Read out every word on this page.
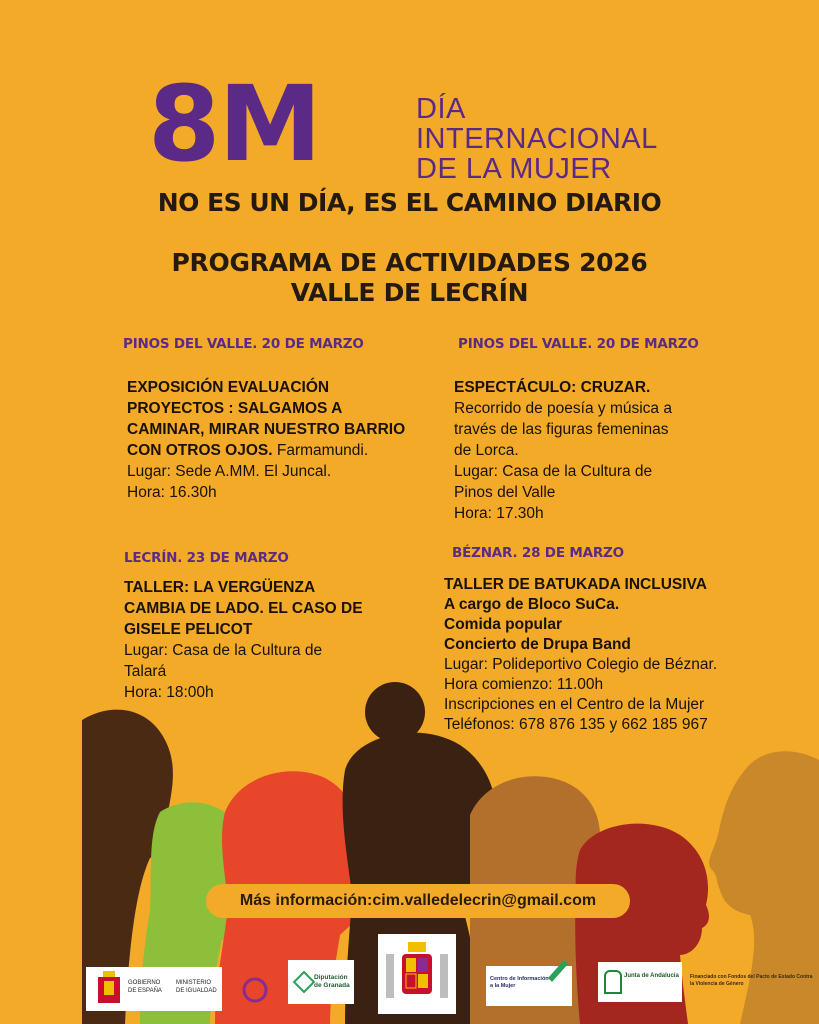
8M	DÍA
INTERNACIONAL
DE LA MUJER
NO ES UN DÍA, ES EL CAMINO DIARIO
PROGRAMA DE ACTIVIDADES 2026
VALLE DE LECRÍN
PINOS DEL VALLE. 20 DE MARZO
EXPOSICIÓN EVALUACIÓN
PROYECTOS : SALGAMOS A
CAMINAR, MIRAR NUESTRO BARRIO
CON OTROS OJOS. Farmamundi.
Lugar: Sede A.MM. El Juncal.
Hora: 16.30h
PINOS DEL VALLE. 20 DE MARZO
ESPECTÁCULO: CRUZAR.
Recorrido de poesía y música a
través de las figuras femeninas
de Lorca.
Lugar: Casa de la Cultura de
Pinos del Valle
Hora: 17.30h
LECRÍN. 23 DE MARZO
TALLER: LA VERGÜENZA
CAMBIA DE LADO. EL CASO DE
GISELE PELICOT
Lugar: Casa de la Cultura de
Talará
Hora: 18:00h
BÉZNAR. 28 DE MARZO
TALLER DE BATUKADA INCLUSIVA
A cargo de Bloco SuCa.
Comida popular
Concierto de Drupa Band
Lugar: Polideportivo Colegio de Béznar.
Hora comienzo: 11.00h
Inscripciones en el Centro de la Mujer
Teléfonos: 678 876 135 y 662 185 967
Más información:cim.valledelecrin@gmail.com
GOBIERNO DE ESPAÑA
MINISTERIO DE IGUALDAD
Diputación de Granada
Centro de Información a la Mujer
Junta de Andalucía Financiado con Fondos del Pacto de Estado Contra la Violencia de Género
